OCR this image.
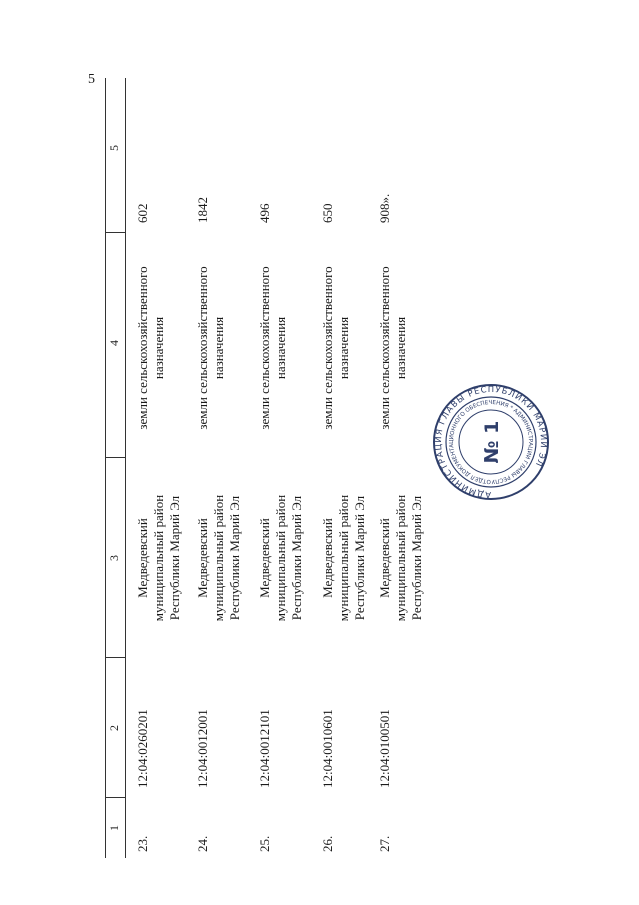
5
1
2
3
4
5
23.
12:04:0260201
Медведевский муниципальный район Республики Марий Эл
земли сельскохозяйственного назначения
602
24.
12:04:0012001
Медведевский муниципальный район Республики Марий Эл
земли сельскохозяйственного назначения
1842
25.
12:04:0012101
Медведевский муниципальный район Республики Марий Эл
земли сельскохозяйственного назначения
496
26.
12:04:0010601
Медведевский муниципальный район Республики Марий Эл
земли сельскохозяйственного назначения
650
27.
12:04:0100501
Медведевский муниципальный район Республики Марий Эл
земли сельскохозяйственного назначения
908».
АДМИНИСТРАЦИЯ ГЛАВЫ РЕСПУБЛИКИ МАРИЙ ЭЛ
ОТДЕЛ ДОКУМЕНТАЦИОННОГО ОБЕСПЕЧЕНИЯ * АДМИНИСТРАЦИИ ГЛАВЫ РЕСПУ
№ 1
